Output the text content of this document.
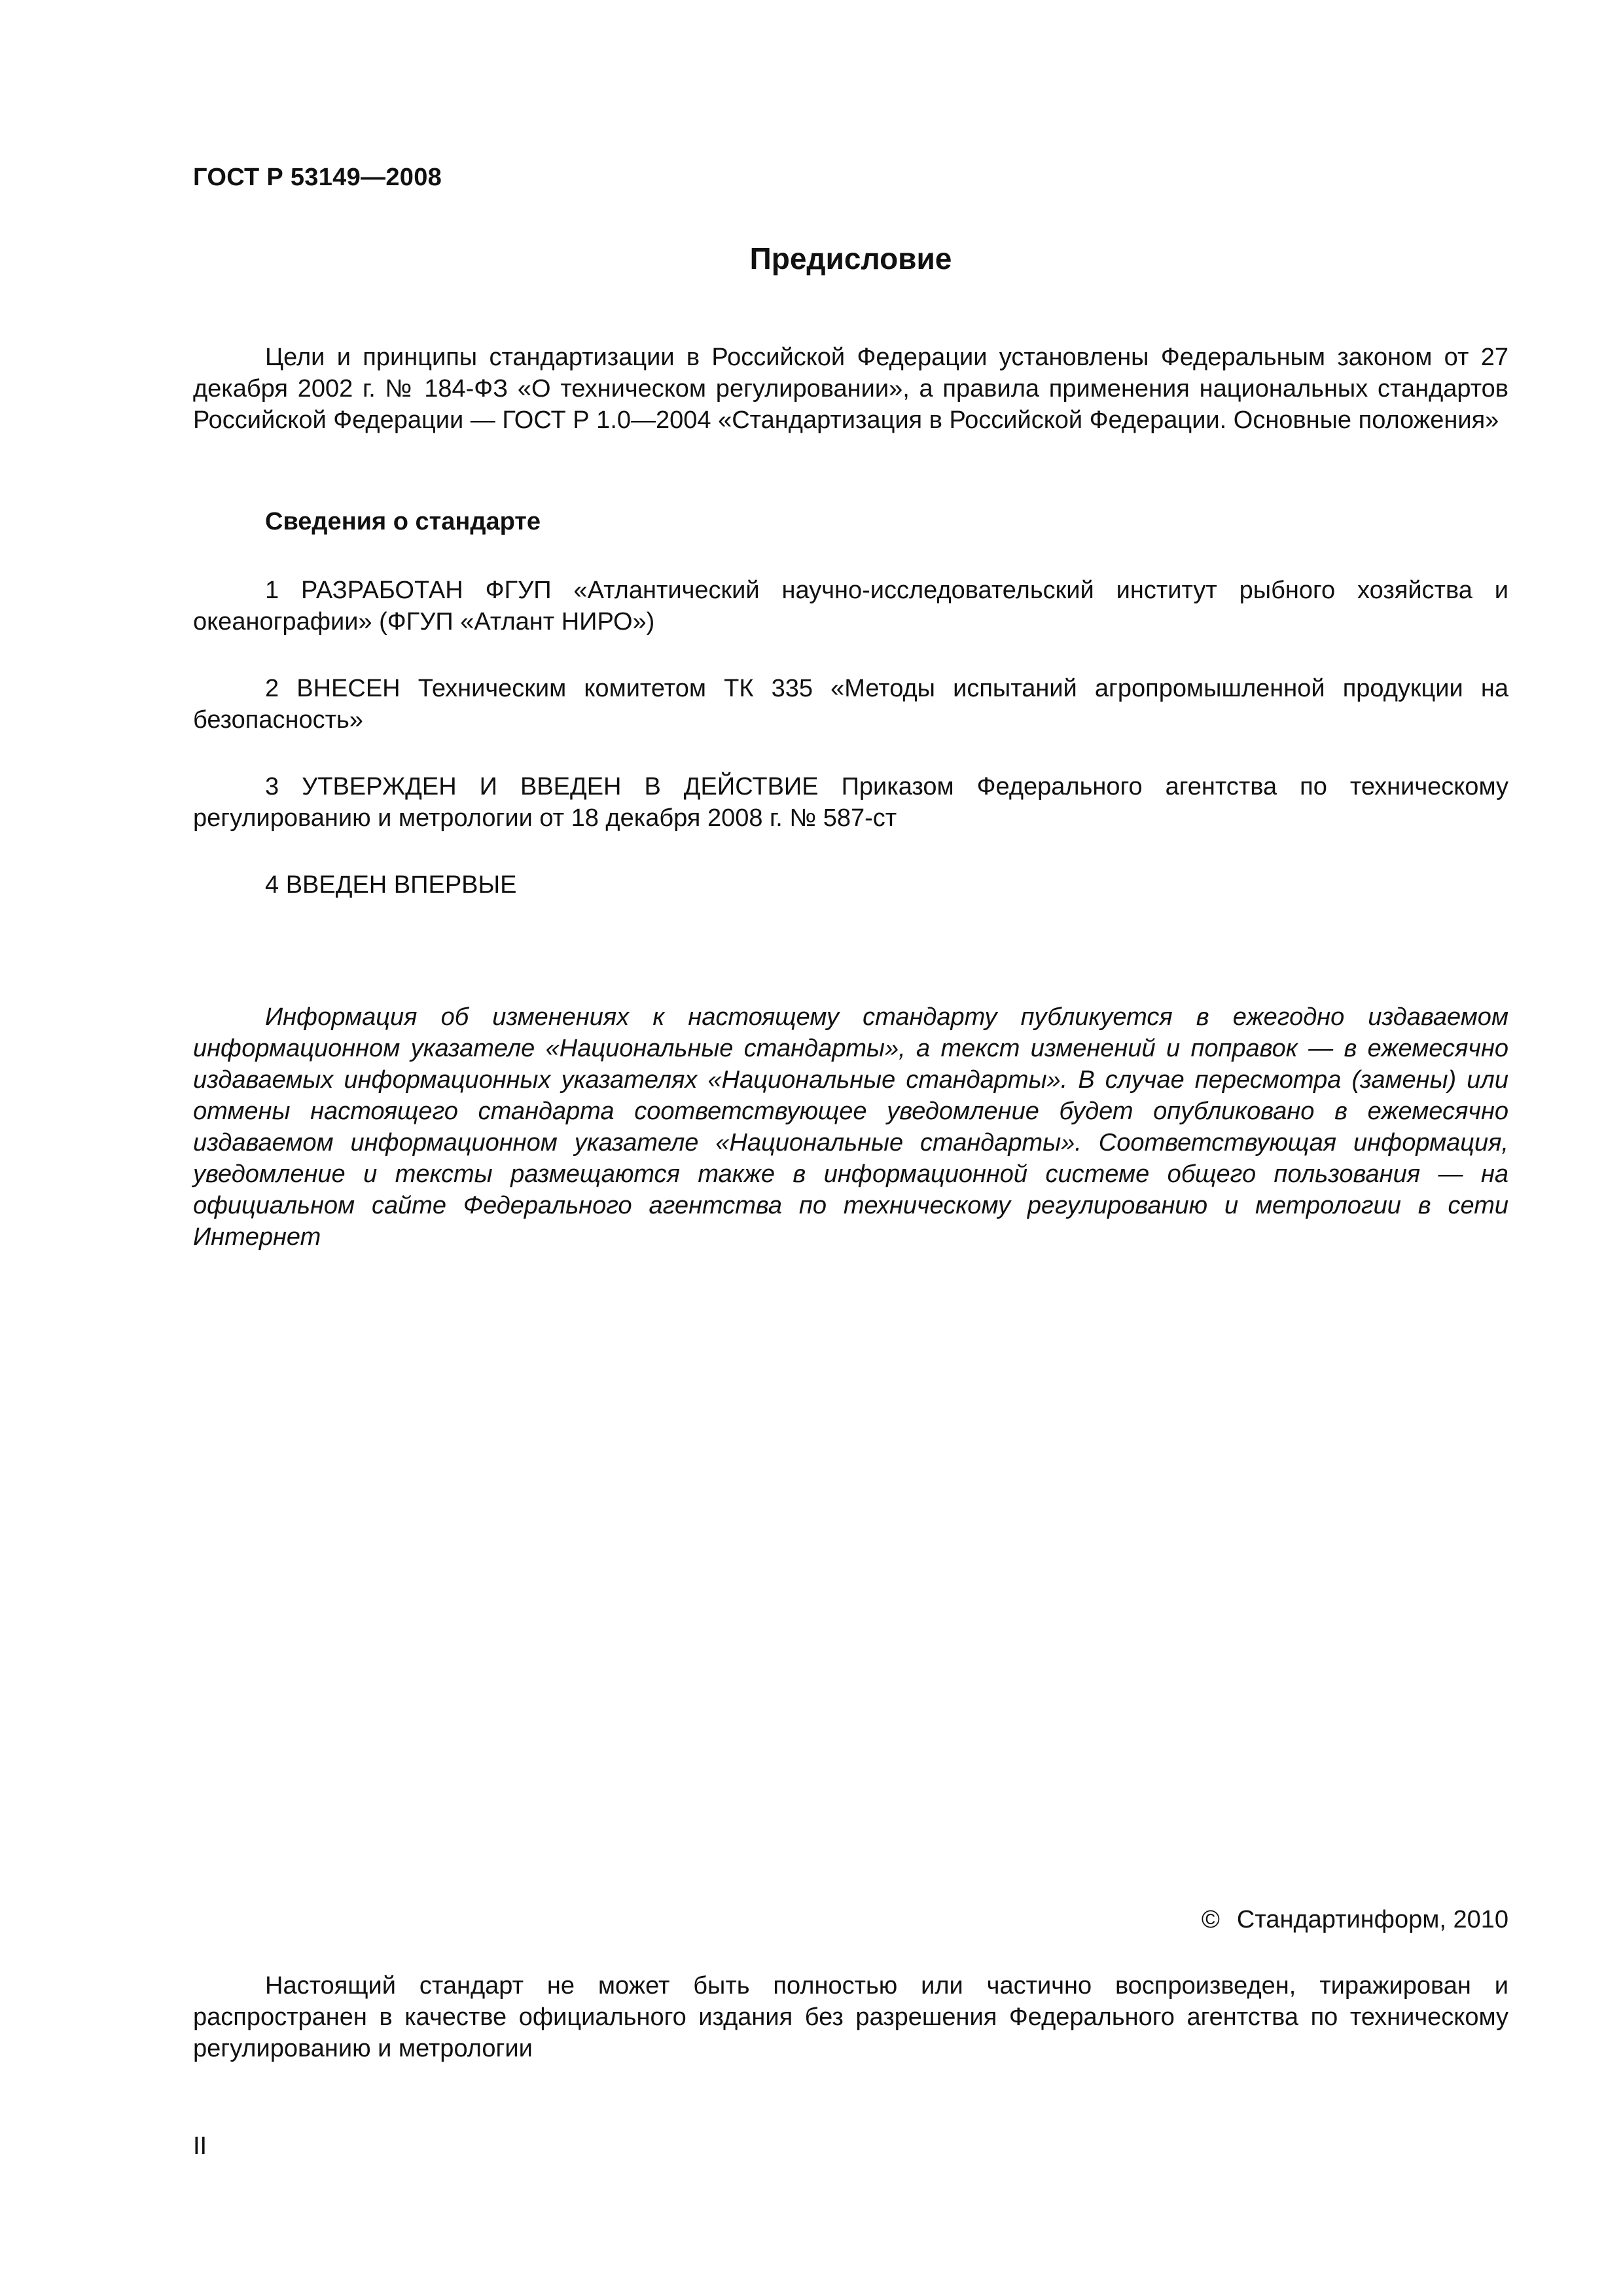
ГОСТ Р 53149—2008
Предисловие

Цели и принципы стандартизации в Российской Федерации установлены Федеральным законом от 27 декабря 2002 г. № 184-ФЗ «О техническом регулировании», а правила применения национальных стандартов Российской Федерации — ГОСТ Р 1.0—2004 «Стандартизация в Российской Федерации. Основные положения»

Сведения о стандарте

1 РАЗРАБОТАН ФГУП «Атлантический научно-исследовательский институт рыбного хозяйства и океанографии» (ФГУП «Атлант НИРО»)

2 ВНЕСЕН Техническим комитетом ТК 335 «Методы испытаний агропромышленной продукции на безопасность»

3 УТВЕРЖДЕН И ВВЕДЕН В ДЕЙСТВИЕ Приказом Федерального агентства по техническому регулированию и метрологии от 18 декабря 2008 г. № 587-ст

4 ВВЕДЕН ВПЕРВЫЕ

Информация об изменениях к настоящему стандарту публикуется в ежегодно издаваемом информационном указателе «Национальные стандарты», а текст изменений и поправок — в ежемесячно издаваемых информационных указателях «Национальные стандарты». В случае пересмотра (замены) или отмены настоящего стандарта соответствующее уведомление будет опубликовано в ежемесячно издаваемом информационном указателе «Национальные стандарты». Соответствующая информация, уведомление и тексты размещаются также в информационной системе общего пользования — на официальном сайте Федерального агентства по техническому регулированию и метрологии в сети Интернет

© Стандартинформ, 2010

Настоящий стандарт не может быть полностью или частично воспроизведен, тиражирован и распространен в качестве официального издания без разрешения Федерального агентства по техническому регулированию и метрологии

II
